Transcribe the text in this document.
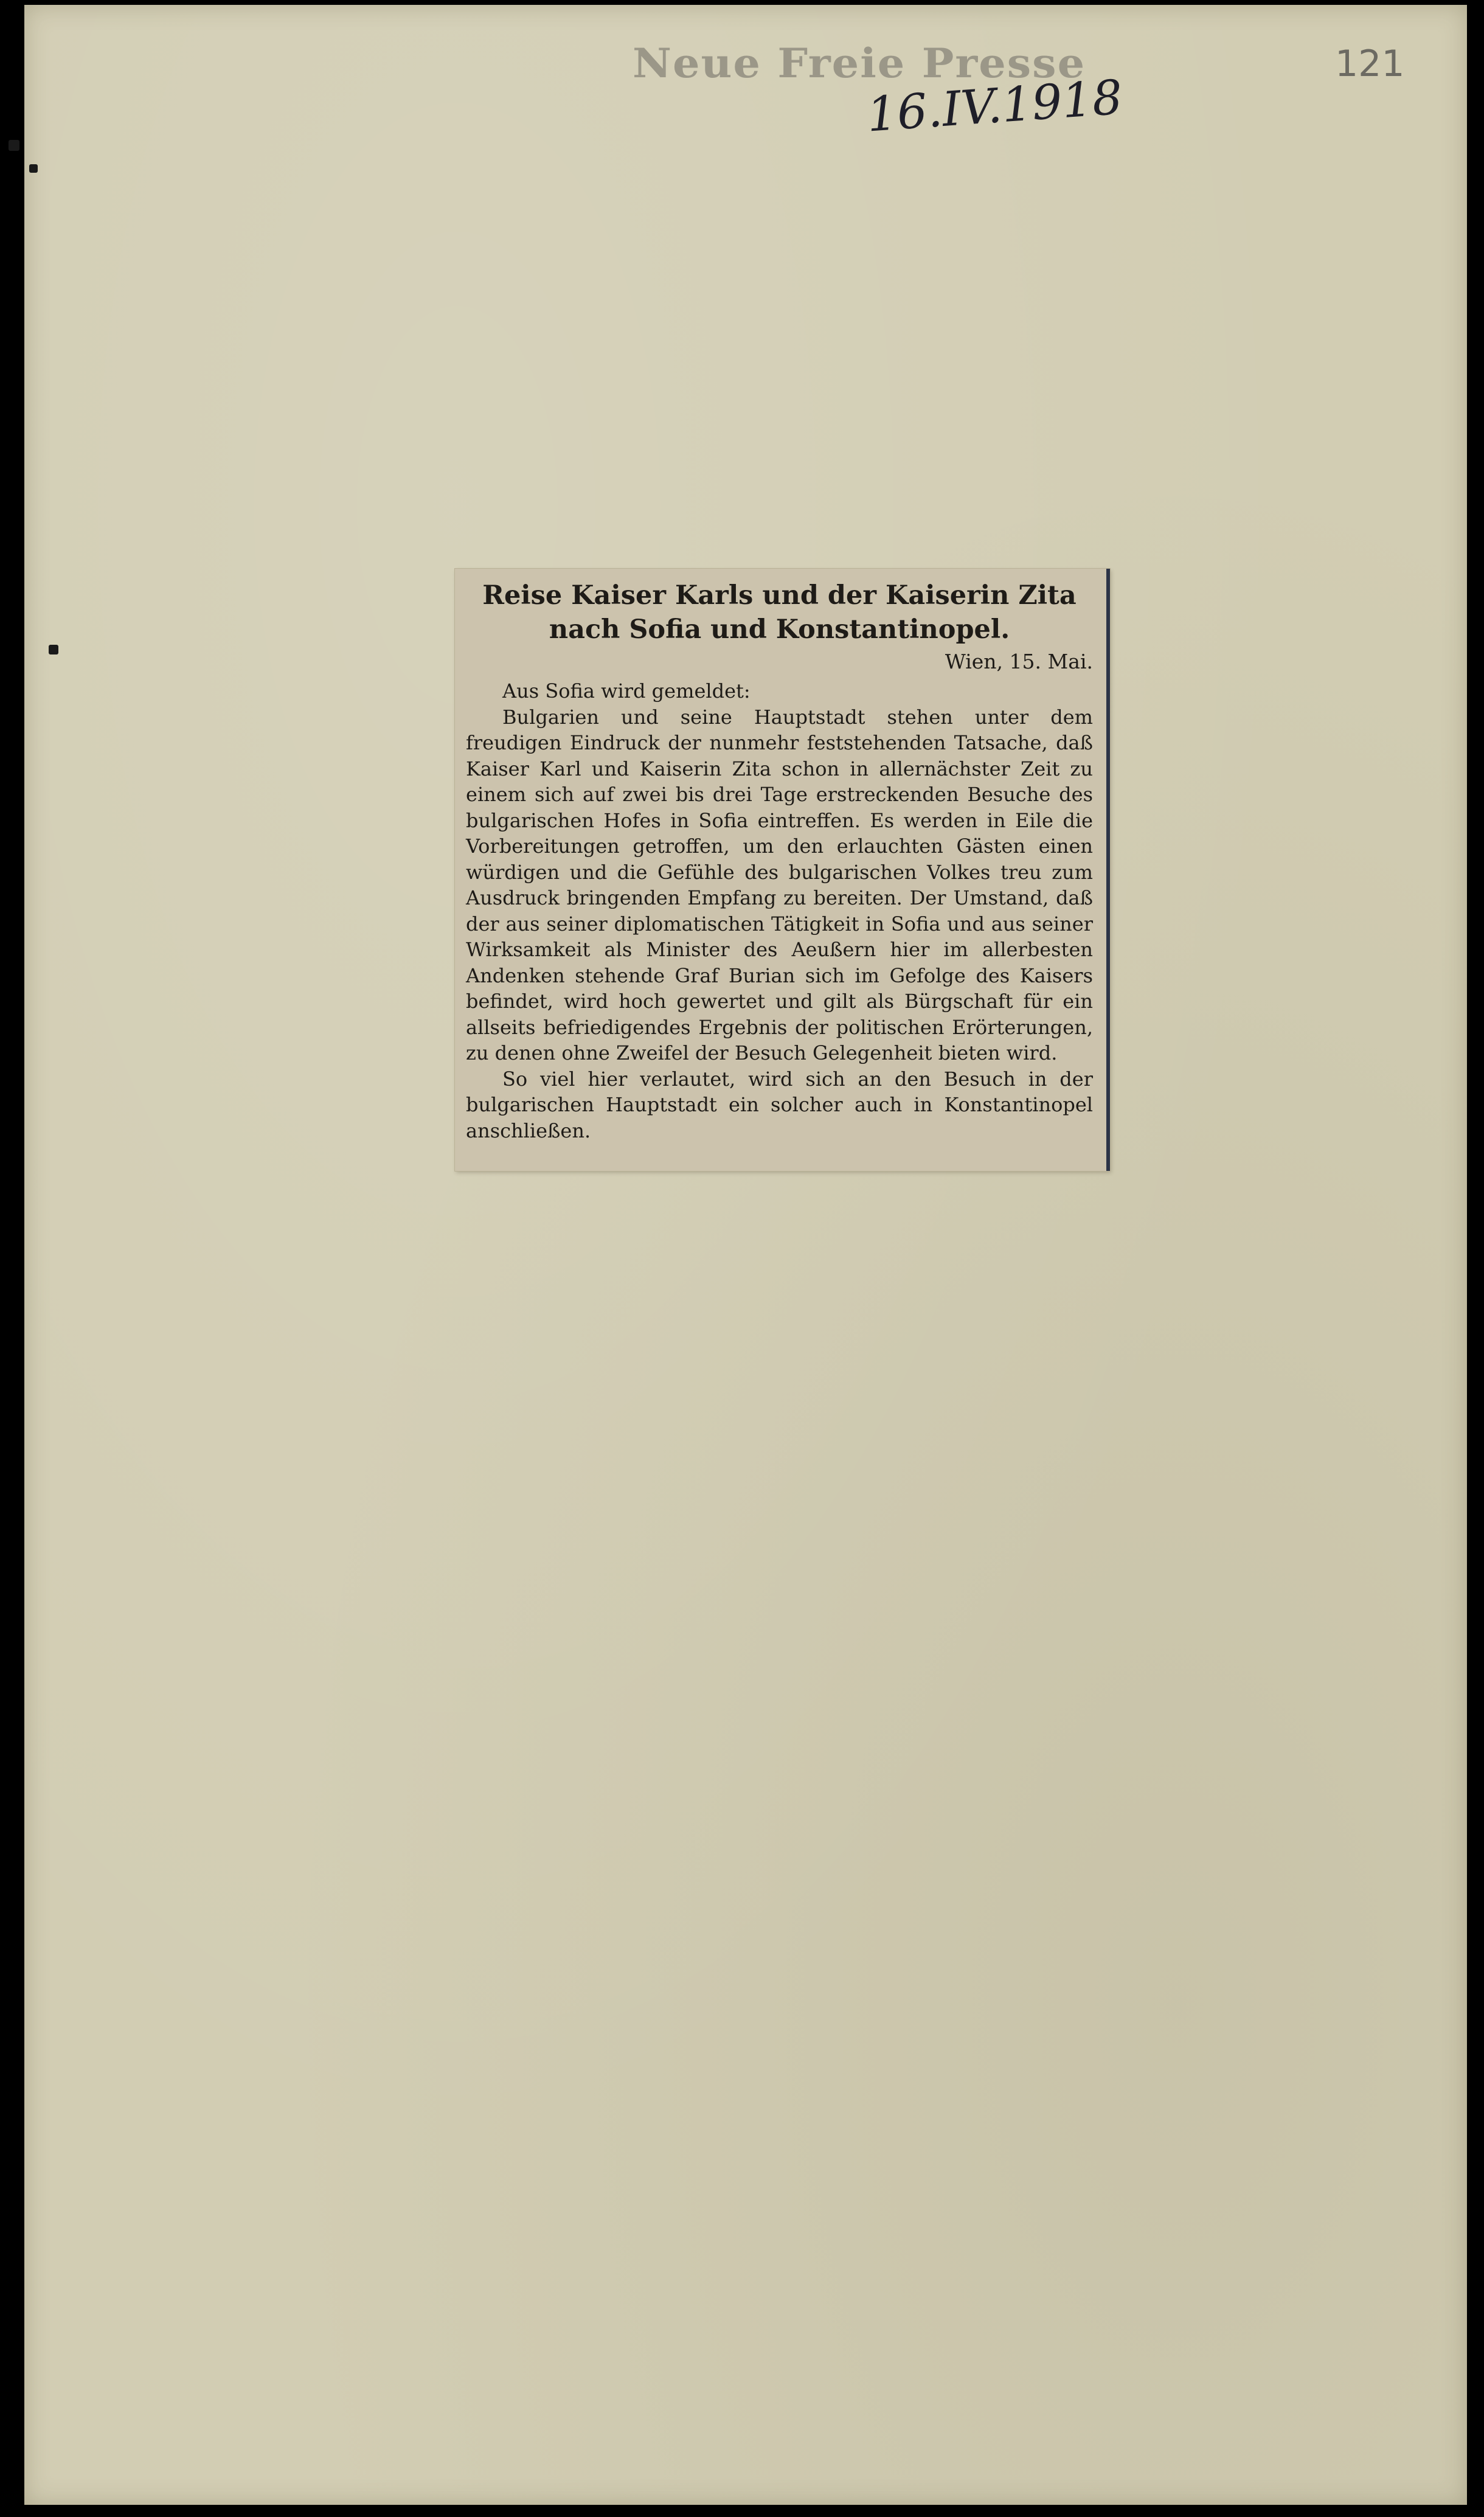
Neue Freie Presse
16.IV.1918
121

Reise Kaiser Karls und der Kaiserin Zita

nach Sofia und Konstantinopel.

Wien, 15. Mai.

Aus Sofia wird gemeldet:

Bulgarien und seine Hauptstadt stehen unter dem freudigen Eindruck der nunmehr feststehenden Tatsache, daß Kaiser Karl und Kaiserin Zita schon in allernächster Zeit zu einem sich auf zwei bis drei Tage erstreckenden Besuche des bulgarischen Hofes in Sofia eintreffen. Es werden in Eile die Vorbereitungen getroffen, um den erlauchten Gästen einen würdigen und die Gefühle des bulgarischen Volkes treu zum Ausdruck bringenden Empfang zu bereiten. Der Umstand, daß der aus seiner diplomatischen Tätigkeit in Sofia und aus seiner Wirksamkeit als Minister des Aeußern hier im allerbesten Andenken stehende Graf Burian sich im Gefolge des Kaisers befindet, wird hoch gewertet und gilt als Bürgschaft für ein allseits befriedigendes Ergebnis der politischen Erörterungen, zu denen ohne Zweifel der Besuch Gelegenheit bieten wird.

So viel hier verlautet, wird sich an den Besuch in der bulgarischen Hauptstadt ein solcher auch in Konstantinopel anschließen.
